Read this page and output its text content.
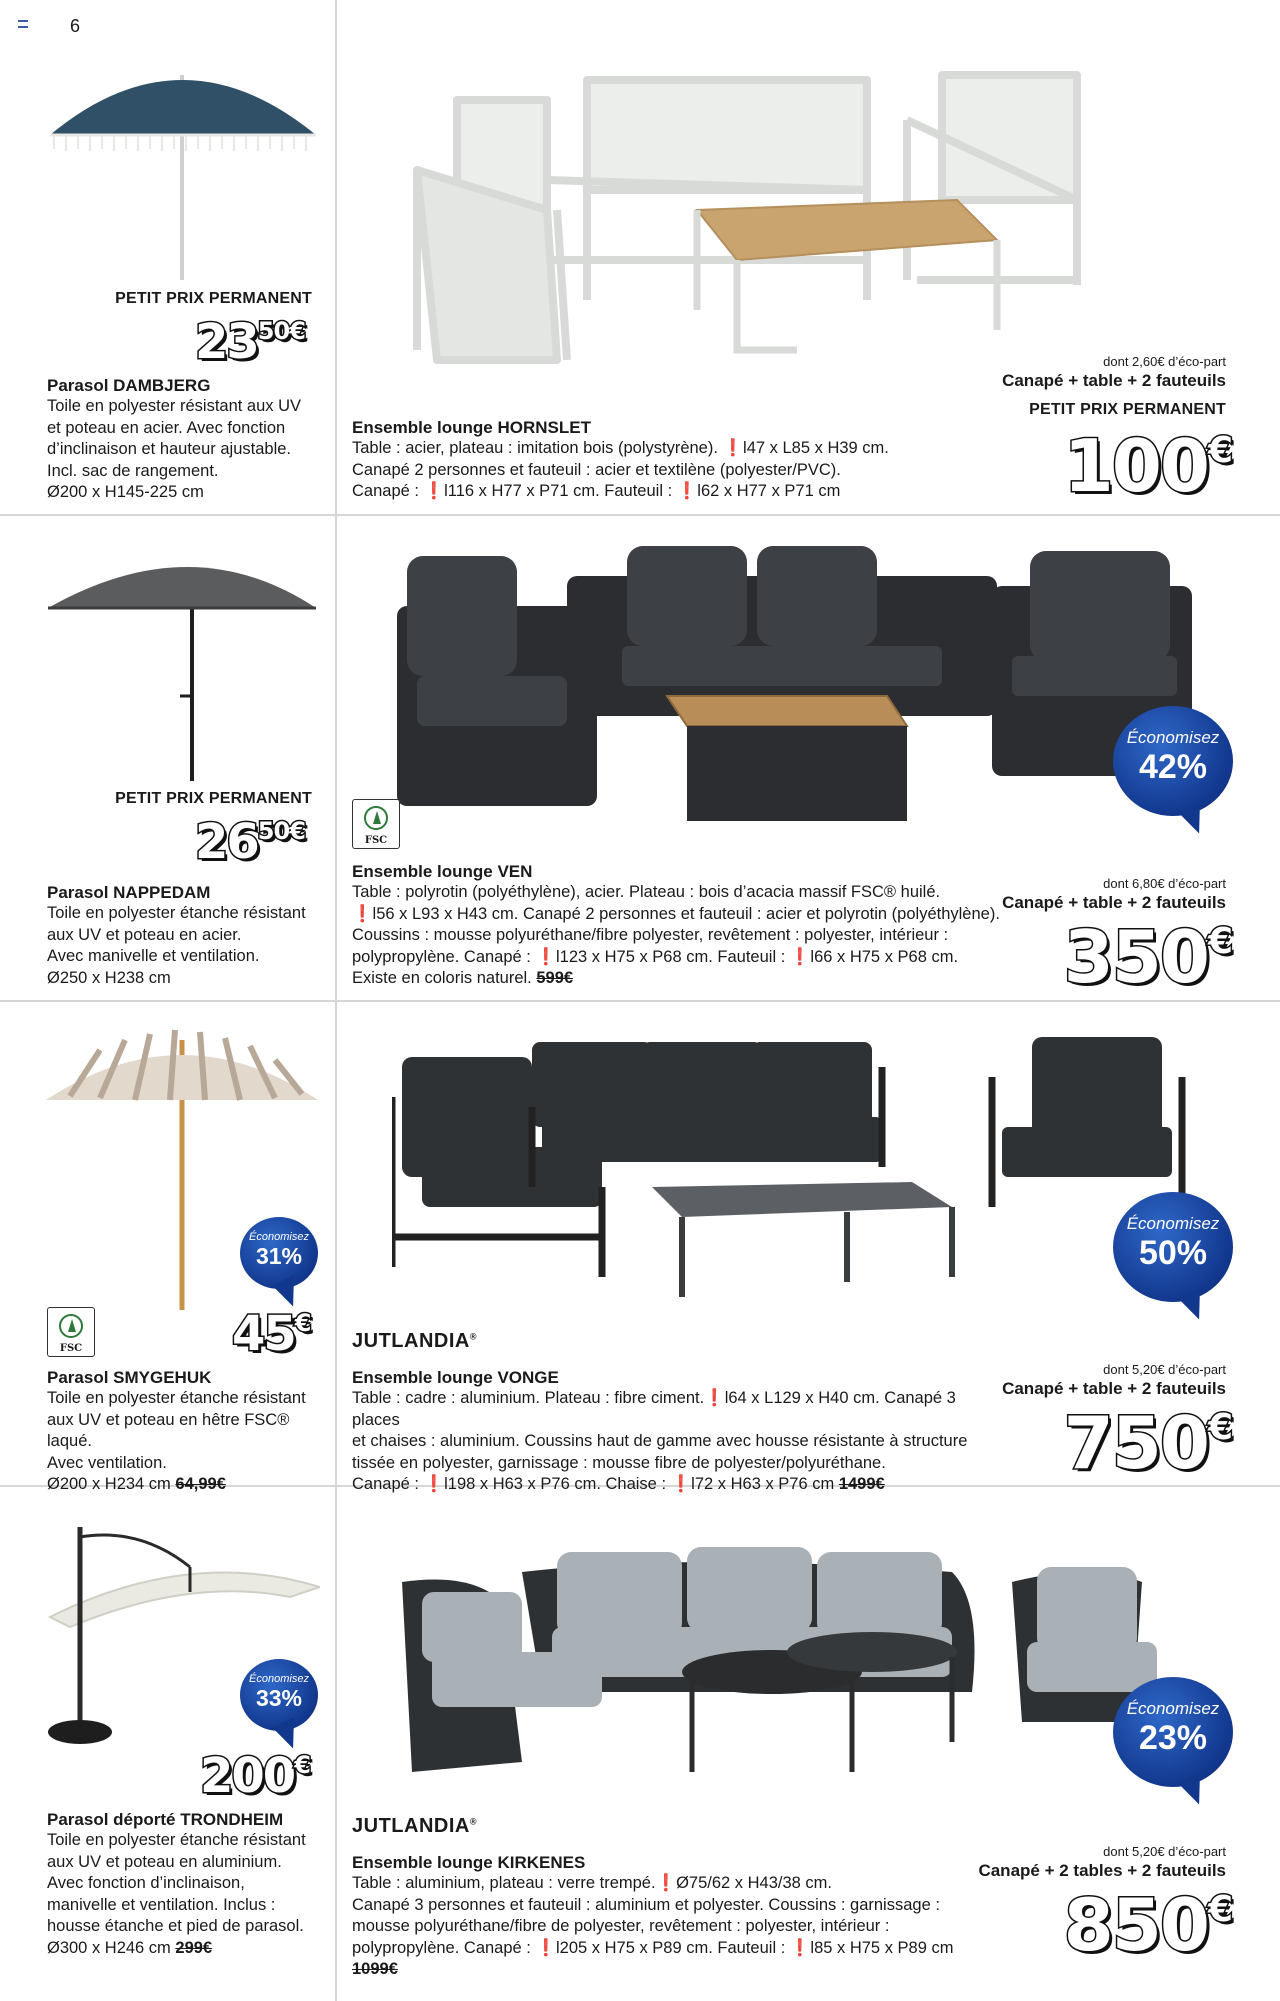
6
PETIT PRIX PERMANENT
$23^{50€}$
Parasol DAMBJERG
Toile en polyester résistant aux UV
et poteau en acier. Avec fonction
d’inclinaison et hauteur ajustable.
Incl. sac de rangement.
Ø200 x H145-225 cm
Ensemble lounge HORNSLET
Table : acier, plateau : imitation bois (polystyrène). ❗l47 x L85 x H39 cm.
Canapé 2 personnes et fauteuil : acier et textilène (polyester/PVC).
Canapé : ❗l116 x H77 x P71 cm. Fauteuil : ❗l62 x H77 x P71 cm
dont 2,60€ d’éco-part
Canapé + table + 2 fauteuils
PETIT PRIX PERMANENT
100€
PETIT PRIX PERMANENT
$26^{50€}$
Parasol NAPPEDAM
Toile en polyester étanche résistant
aux UV et poteau en acier.
Avec manivelle et ventilation.
Ø250 x H238 cm
FSC
Économisez
42%
Ensemble lounge VEN
Table : polyrotin (polyéthylène), acier. Plateau : bois d’acacia massif FSC® huilé.
❗l56 x L93 x H43 cm. Canapé 2 personnes et fauteuil : acier et polyrotin (polyéthylène).
Coussins : mousse polyuréthane/fibre polyester, revêtement : polyester, intérieur :
polypropylène. Canapé : ❗l123 x H75 x P68 cm. Fauteuil : ❗l66 x H75 x P68 cm.
Existe en coloris naturel. 599€
dont 6,80€ d’éco-part
Canapé + table + 2 fauteuils
350€
Économisez
31%
FSC	45€
Parasol SMYGEHUK
Toile en polyester étanche résistant
aux UV et poteau en hêtre FSC® laqué.
Avec ventilation.
Ø200 x H234 cm 64,99€
Économisez
50%
JUTLANDIA®
Ensemble lounge VONGE
Table : cadre : aluminium. Plateau : fibre ciment.❗l64 x L129 x H40 cm. Canapé 3 places
et chaises : aluminium. Coussins haut de gamme avec housse résistante à structure
tissée en polyester, garnissage : mousse fibre de polyester/polyuréthane.
Canapé : ❗l198 x H63 x P76 cm. Chaise : ❗l72 x H63 x P76 cm 1499€
dont 5,20€ d’éco-part
Canapé + table + 2 fauteuils
750€
Économisez
33%
200€
Parasol déporté TRONDHEIM
Toile en polyester étanche résistant
aux UV et poteau en aluminium.
Avec fonction d’inclinaison,
manivelle et ventilation. Inclus :
housse étanche et pied de parasol.
Ø300 x H246 cm 299€
Économisez
23%
JUTLANDIA®
Ensemble lounge KIRKENES
Table : aluminium, plateau : verre trempé.❗Ø75/62 x H43/38 cm.
Canapé 3 personnes et fauteuil : aluminium et polyester. Coussins : garnissage :
mousse polyuréthane/fibre de polyester, revêtement : polyester, intérieur :
polypropylène. Canapé : ❗l205 x H75 x P89 cm. Fauteuil : ❗l85 x H75 x P89 cm 1099€
dont 5,20€ d’éco-part
Canapé + 2 tables + 2 fauteuils
850€
